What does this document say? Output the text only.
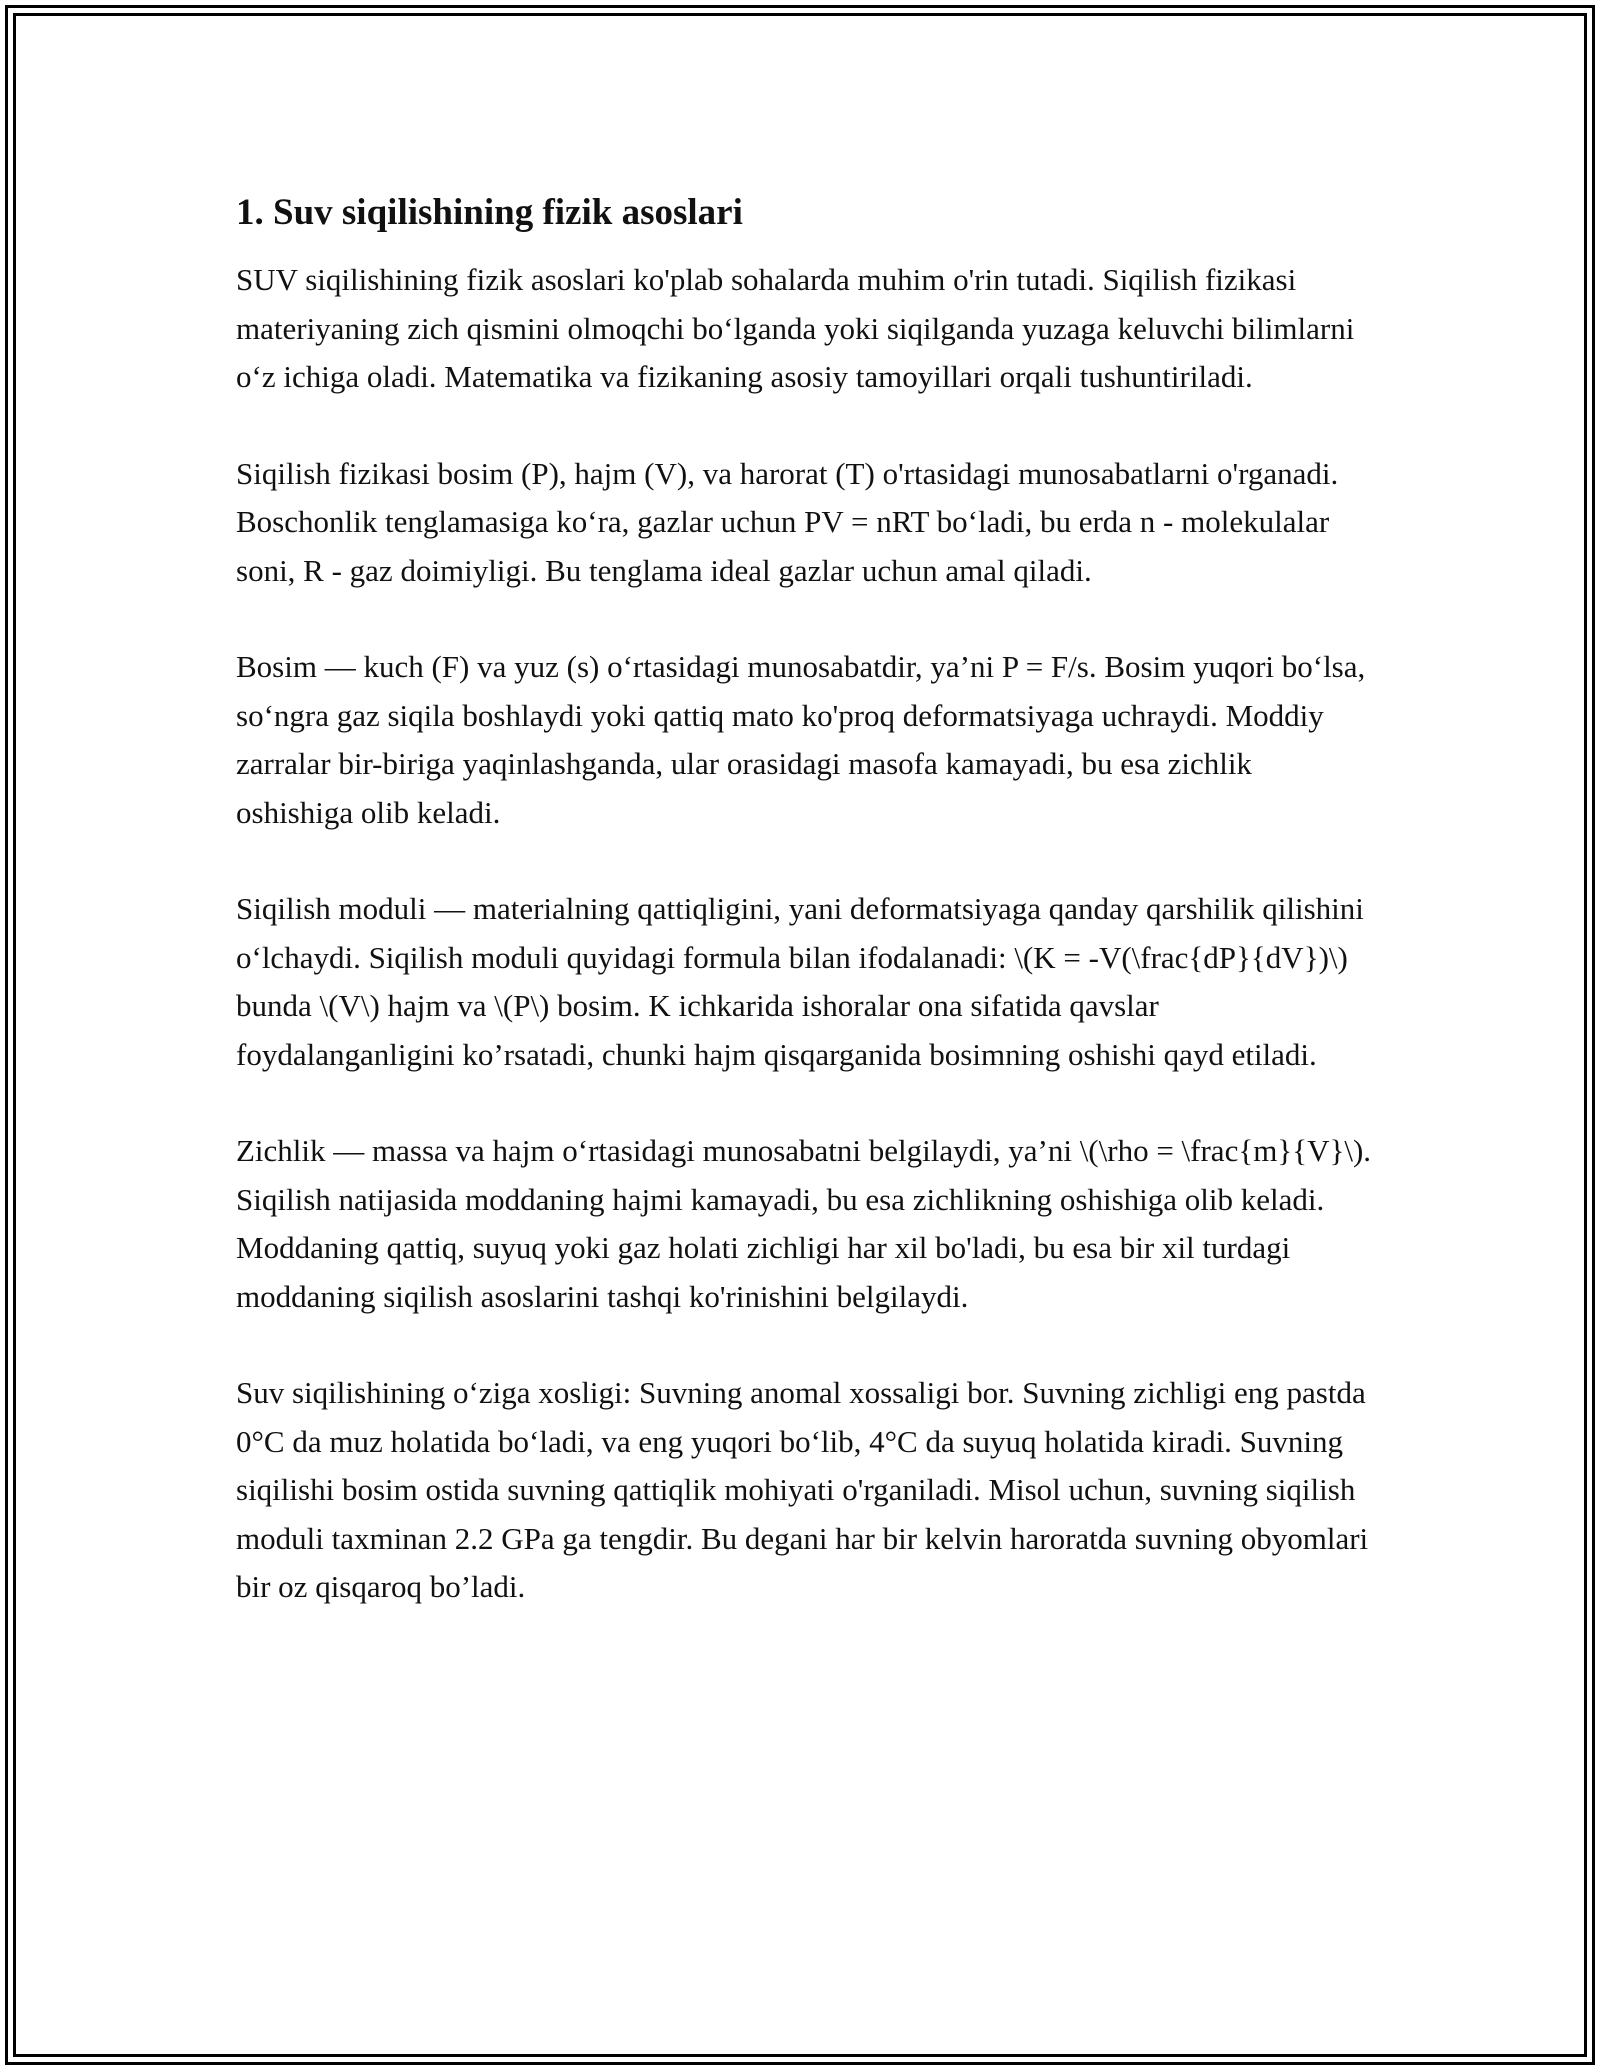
1. Suv siqilishining fizik asoslari

SUV siqilishining fizik asoslari ko'plab sohalarda muhim o'rin tutadi. Siqilish fizikasi materiyaning zich qismini olmoqchi bo‘lganda yoki siqilganda yuzaga keluvchi bilimlarni o‘z ichiga oladi. Matematika va fizikaning asosiy tamoyillari orqali tushuntiriladi.

Siqilish fizikasi bosim (P), hajm (V), va harorat (T) o'rtasidagi munosabatlarni o'rganadi. Boschonlik tenglamasiga ko‘ra, gazlar uchun PV = nRT bo‘ladi, bu erda n - molekulalar soni, R - gaz doimiyligi. Bu tenglama ideal gazlar uchun amal qiladi.

Bosim — kuch (F) va yuz (s) o‘rtasidagi munosabatdir, ya’ni P = F/s. Bosim yuqori bo‘lsa, so‘ngra gaz siqila boshlaydi yoki qattiq mato ko'proq deformatsiyaga uchraydi. Moddiy zarralar bir-biriga yaqinlashganda, ular orasidagi masofa kamayadi, bu esa zichlik oshishiga olib keladi.

Siqilish moduli — materialning qattiqligini, yani deformatsiyaga qanday qarshilik qilishini o‘lchaydi. Siqilish moduli quyidagi formula bilan ifodalanadi: \(K = -V(\frac{dP}{dV})\) bunda \(V\) hajm va \(P\) bosim. K ichkarida ishoralar ona sifatida qavslar foydalanganligini ko’rsatadi, chunki hajm qisqarganida bosimning oshishi qayd etiladi.

Zichlik — massa va hajm o‘rtasidagi munosabatni belgilaydi, ya’ni \(\rho = \frac{m}{V}\). Siqilish natijasida moddaning hajmi kamayadi, bu esa zichlikning oshishiga olib keladi. Moddaning qattiq, suyuq yoki gaz holati zichligi har xil bo'ladi, bu esa bir xil turdagi moddaning siqilish asoslarini tashqi ko'rinishini belgilaydi.

Suv siqilishining o‘ziga xosligi: Suvning anomal xossaligi bor. Suvning zichligi eng pastda 0°C da muz holatida bo‘ladi, va eng yuqori bo‘lib, 4°C da suyuq holatida kiradi. Suvning siqilishi bosim ostida suvning qattiqlik mohiyati o'rganiladi. Misol uchun, suvning siqilish moduli taxminan 2.2 GPa ga tengdir. Bu degani har bir kelvin haroratda suvning obyomlari bir oz qisqaroq bo’ladi.
